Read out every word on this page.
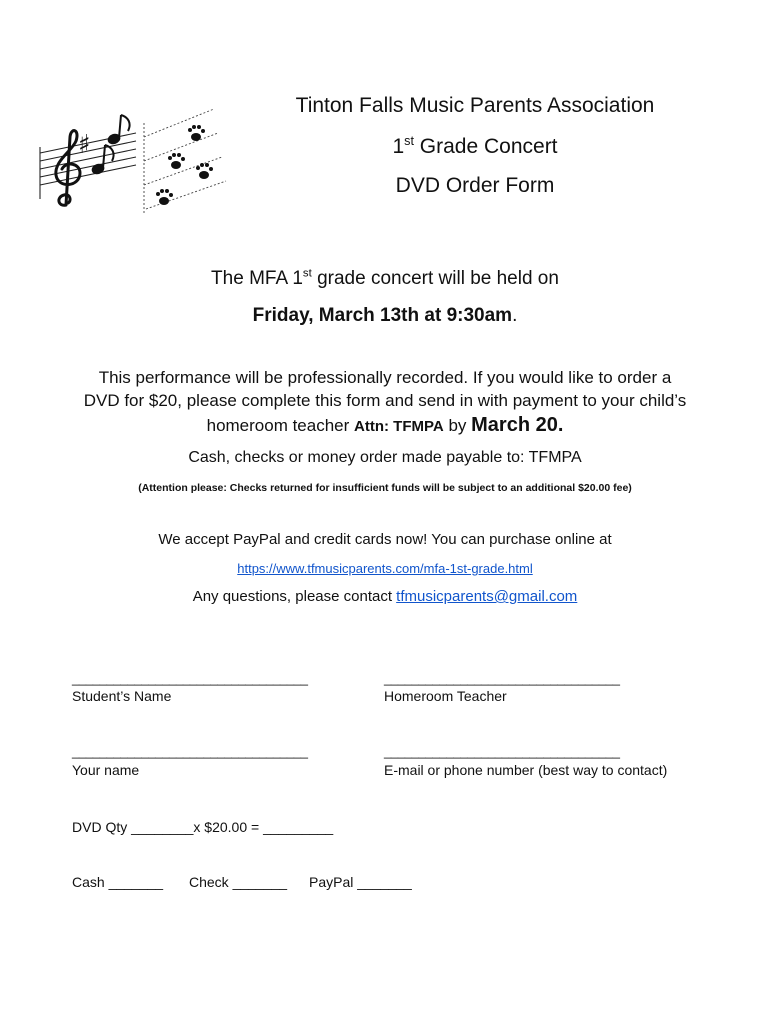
♯
Tinton Falls Music Parents Association
1st Grade Concert
DVD Order Form
The MFA 1st grade concert will be held on
Friday, March 13th at 9:30am.
This performance will be professionally recorded. If you would like to order a
DVD for $20, please complete this form and send in with payment to your child’s
homeroom teacher Attn: TFMPA by March 20.
Cash, checks or money order made payable to: TFMPA
(Attention please: Checks returned for insufficient funds will be subject to an additional $20.00 fee)
We accept PayPal and credit cards now! You can purchase online at
https://www.tfmusicparents.com/mfa-1st-grade.html
Any questions, please contact tfmusicparents@gmail.com
__________________________________	__________________________________
Student’s Name	Homeroom Teacher
__________________________________	__________________________________
Your name	E-mail or phone number (best way to contact)
DVD Qty ________x $20.00 = _________
Cash _______ Check _______ PayPal _______
